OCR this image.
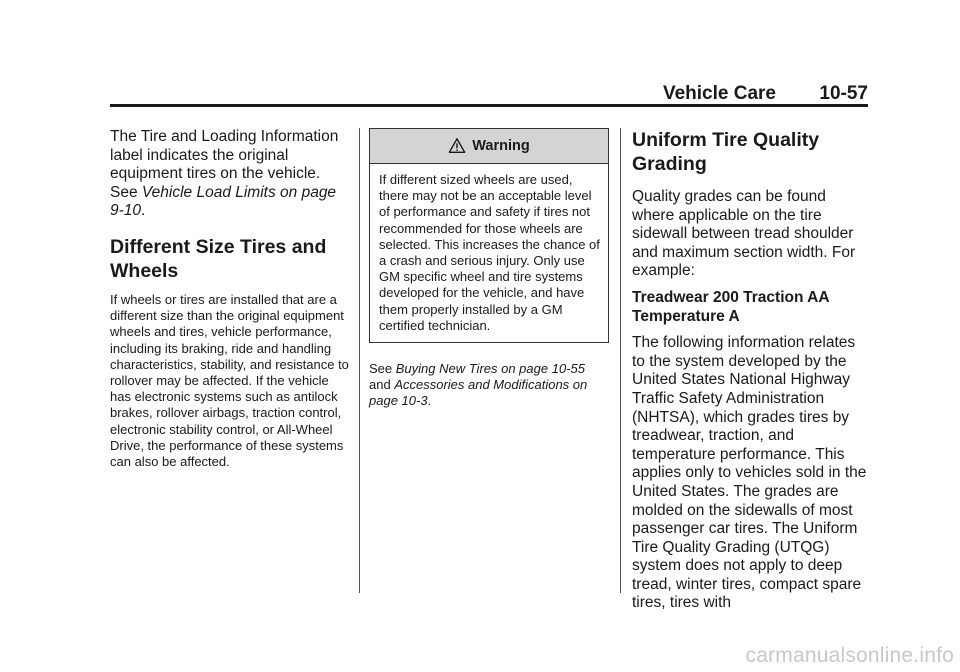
Vehicle Care 10-57

The Tire and Loading Information label indicates the original equipment tires on the vehicle. See Vehicle Load Limits on page 9-10.

Different Size Tires and Wheels

If wheels or tires are installed that are a different size than the original equipment wheels and tires, vehicle performance, including its braking, ride and handling characteristics, stability, and resistance to rollover may be affected. If the vehicle has electronic systems such as antilock brakes, rollover airbags, traction control, electronic stability control, or All-Wheel Drive, the performance of these systems can also be affected.

Warning

If different sized wheels are used, there may not be an acceptable level of performance and safety if tires not recommended for those wheels are selected. This increases the chance of a crash and serious injury. Only use GM specific wheel and tire systems developed for the vehicle, and have them properly installed by a GM certified technician.

See Buying New Tires on page 10-55 and Accessories and Modifications on page 10-3.

Uniform Tire Quality Grading

Quality grades can be found where applicable on the tire sidewall between tread shoulder and maximum section width. For example:

Treadwear 200 Traction AA Temperature A

The following information relates to the system developed by the United States National Highway Traffic Safety Administration (NHTSA), which grades tires by treadwear, traction, and temperature performance. This applies only to vehicles sold in the United States. The grades are molded on the sidewalls of most passenger car tires. The Uniform Tire Quality Grading (UTQG) system does not apply to deep tread, winter tires, compact spare tires, tires with

carmanualsonline.info
